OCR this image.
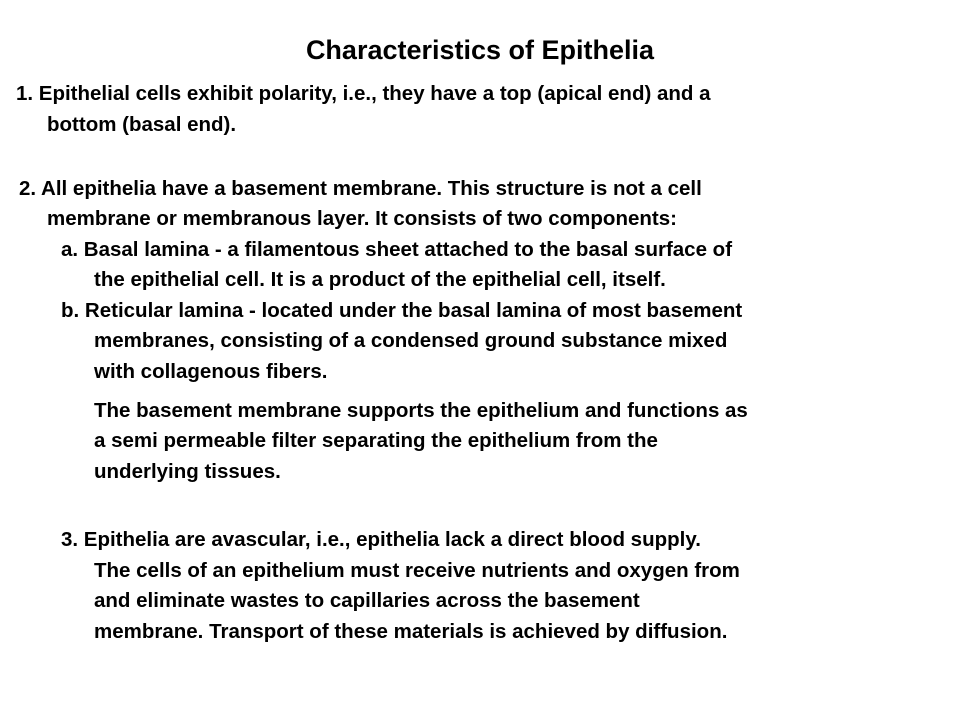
Characteristics of Epithelia
1. Epithelial cells exhibit polarity, i.e., they have a top (apical end) and a
bottom (basal end).
2. All epithelia have a basement membrane. This structure is not a cell
membrane or membranous layer. It consists of two components:
a. Basal lamina - a filamentous sheet attached to the basal surface of
the epithelial cell. It is a product of the epithelial cell, itself.
b. Reticular lamina - located under the basal lamina of most basement
membranes, consisting of a condensed ground substance mixed
with collagenous fibers.
The basement membrane supports the epithelium and functions as
a semi permeable filter separating the epithelium from the
underlying tissues.
3. Epithelia are avascular, i.e., epithelia lack a direct blood supply.
The cells of an epithelium must receive nutrients and oxygen from
and eliminate wastes to capillaries across the basement
membrane. Transport of these materials is achieved by diffusion.
